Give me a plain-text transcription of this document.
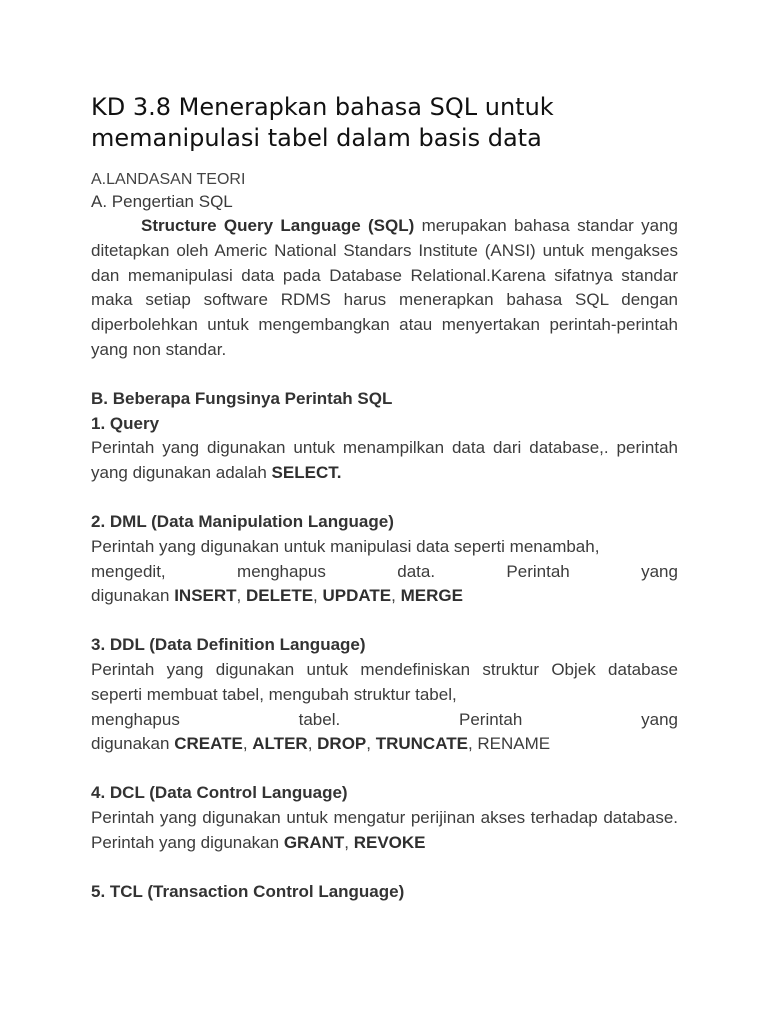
KD 3.8 Menerapkan bahasa SQL untuk
memanipulasi tabel dalam basis data
A.LANDASAN TEORI
A. Pengertian SQL

Structure Query Language (SQL) merupakan bahasa standar yang ditetapkan oleh Americ National Standars Institute (ANSI) untuk mengakses dan memanipulasi data pada Database Relational.Karena sifatnya standar maka setiap software RDMS harus menerapkan bahasa SQL dengan diperbolehkan untuk mengembangkan atau menyertakan perintah-perintah yang non standar.

B. Beberapa Fungsinya Perintah SQL
1. Query

Perintah yang digunakan untuk menampilkan data dari database,. perintah yang digunakan adalah SELECT.

2. DML (Data Manipulation Language)

Perintah yang digunakan untuk manipulasi data seperti menambah,

mengedit,	menghapus	data.	Perintah	yang

digunakan INSERT, DELETE, UPDATE, MERGE

3. DDL (Data Definition Language)

Perintah yang digunakan untuk mendefiniskan struktur Objek database seperti membuat tabel, mengubah struktur tabel,

menghapus	tabel.	Perintah	yang

digunakan CREATE, ALTER, DROP, TRUNCATE, RENAME

4. DCL (Data Control Language)

Perintah yang digunakan untuk mengatur perijinan akses terhadap database. Perintah yang digunakan GRANT, REVOKE

5. TCL (Transaction Control Language)
